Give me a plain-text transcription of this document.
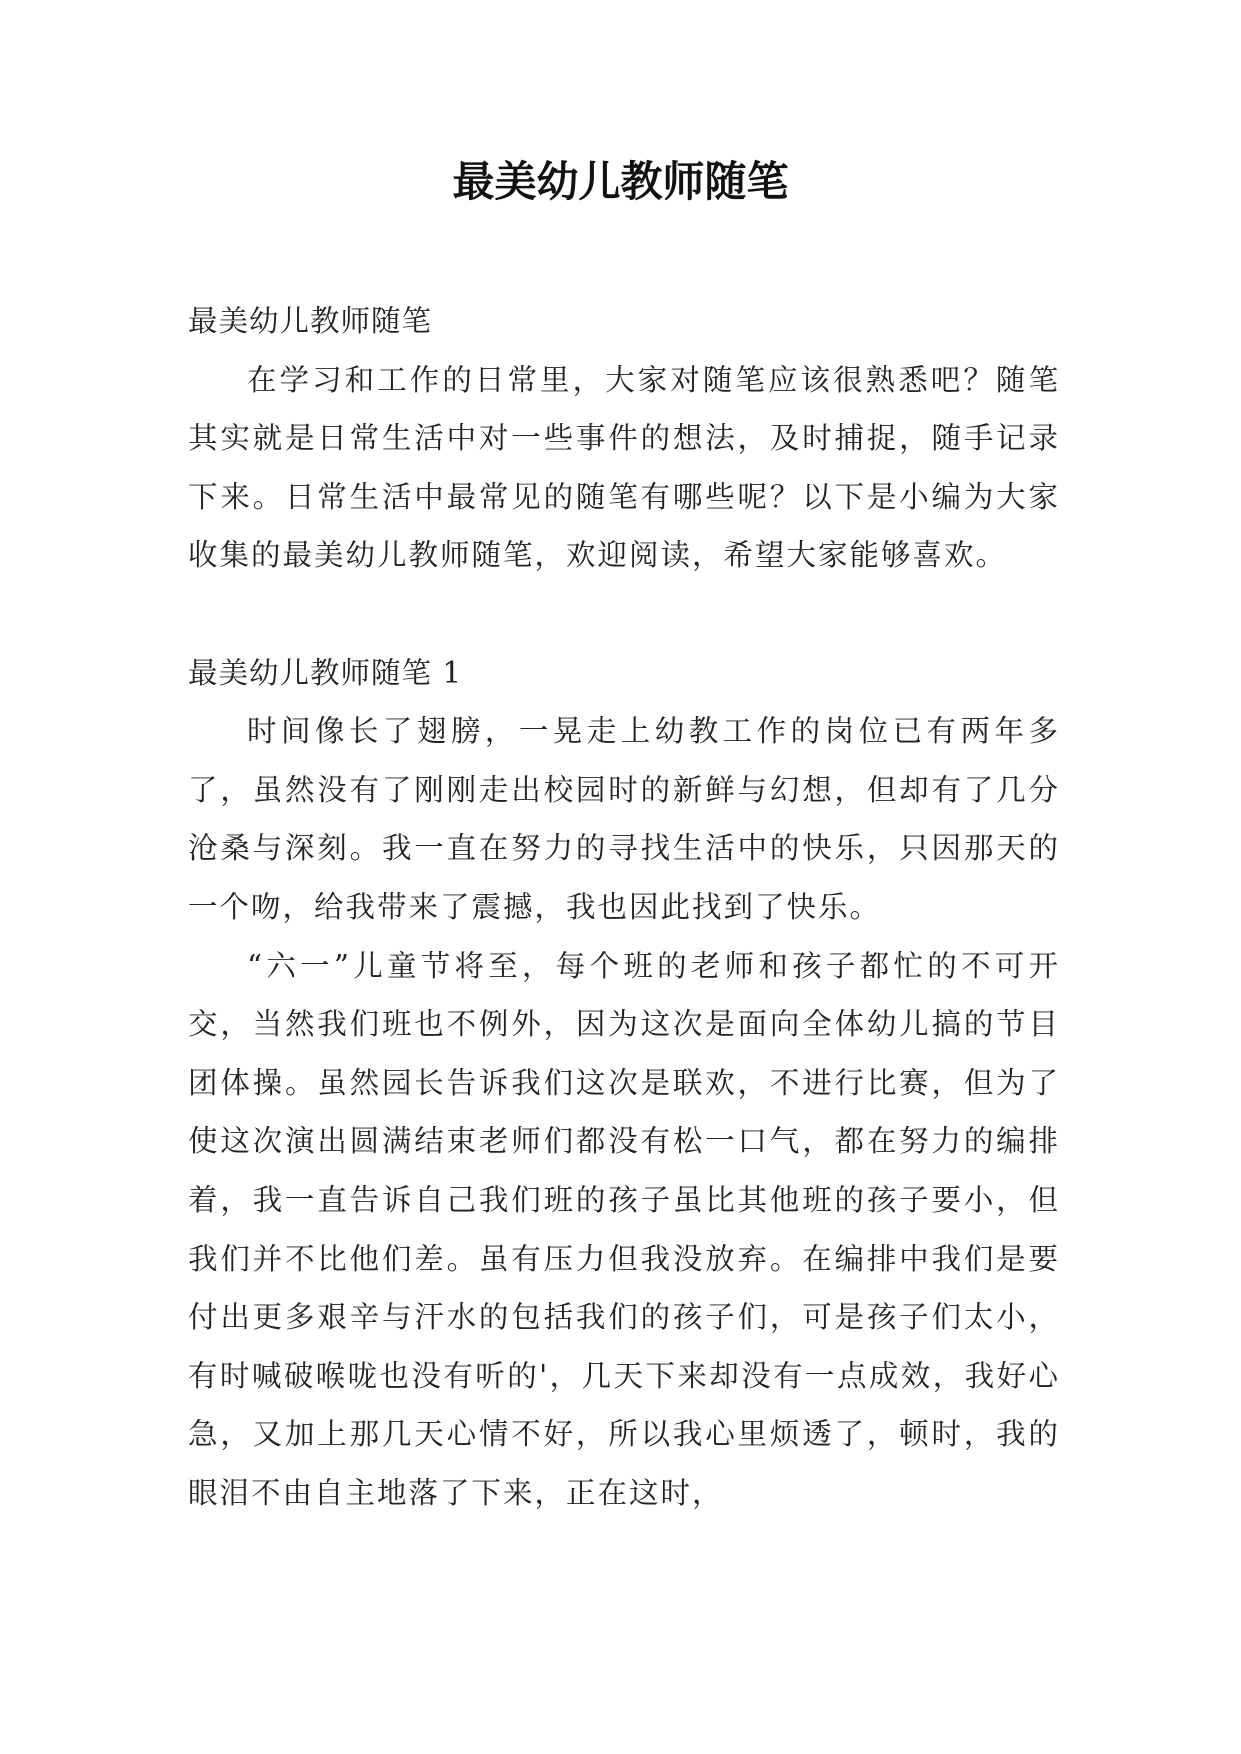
最美幼儿教师随笔

最美幼儿教师随笔

在学习和工作的日常里，大家对随笔应该很熟悉吧？随笔其实就是日常生活中对一些事件的想法，及时捕捉，随手记录下来。日常生活中最常见的随笔有哪些呢？以下是小编为大家收集的最美幼儿教师随笔，欢迎阅读，希望大家能够喜欢。

最美幼儿教师随笔 1

时间像长了翅膀，一晃走上幼教工作的岗位已有两年多了，虽然没有了刚刚走出校园时的新鲜与幻想，但却有了几分沧桑与深刻。我一直在努力的寻找生活中的快乐，只因那天的一个吻，给我带来了震撼，我也因此找到了快乐。

“六一”儿童节将至，每个班的老师和孩子都忙的不可开交，当然我们班也不例外，因为这次是面向全体幼儿搞的节目团体操。虽然园长告诉我们这次是联欢，不进行比赛，但为了使这次演出圆满结束老师们都没有松一口气，都在努力的编排着，我一直告诉自己我们班的孩子虽比其他班的孩子要小，但我们并不比他们差。虽有压力但我没放弃。在编排中我们是要付出更多艰辛与汗水的包括我们的孩子们，可是孩子们太小，有时喊破喉咙也没有听的'，几天下来却没有一点成效，我好心急，又加上那几天心情不好，所以我心里烦透了，顿时，我的眼泪不由自主地落了下来，正在这时，
